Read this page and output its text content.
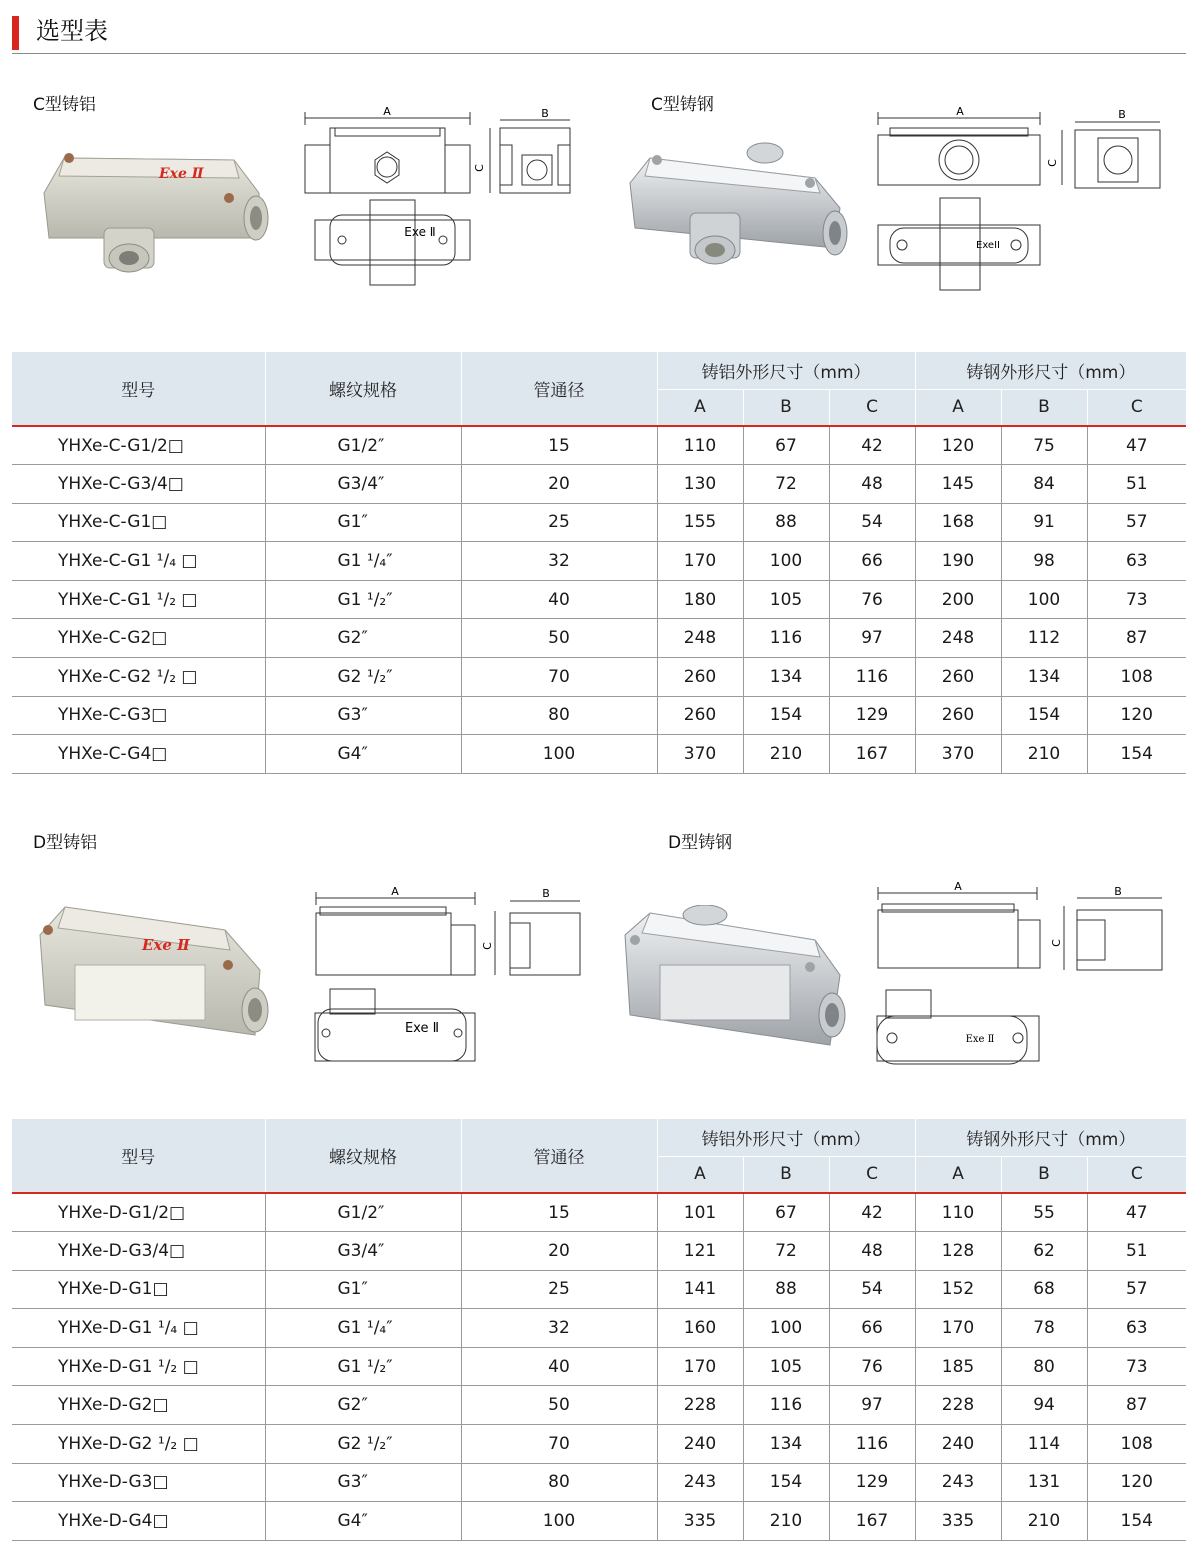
选型表
C型铸铝	C型铸钢
Exe Ⅱ
A	B
C
Exe Ⅱ
A	B
C
ExeII
型号	螺纹规格	管通径	铸铝外形尺寸（mm）			铸钢外形尺寸（mm）		
			A	B	C	A	B	C
YHXe-C-G1/2□	G1/2″	15	110	67	42	120	75	47
YHXe-C-G3/4□	G3/4″	20	130	72	48	145	84	51
YHXe-C-G1□	G1″	25	155	88	54	168	91	57
YHXe-C-G1 ¹/₄ □	G1 ¹/₄″	32	170	100	66	190	98	63
YHXe-C-G1 ¹/₂ □	G1 ¹/₂″	40	180	105	76	200	100	73
YHXe-C-G2□	G2″	50	248	116	97	248	112	87
YHXe-C-G2 ¹/₂ □	G2 ¹/₂″	70	260	134	116	260	134	108
YHXe-C-G3□	G3″	80	260	154	129	260	154	120
YHXe-C-G4□	G4″	100	370	210	167	370	210	154
D型铸铝	D型铸钢
Exe Ⅱ
A	B
C
Exe Ⅱ
A	B
C
Exe Ⅱ
型号	螺纹规格	管通径	铸铝外形尺寸（mm）			铸钢外形尺寸（mm）		
			A	B	C	A	B	C
YHXe-D-G1/2□	G1/2″	15	101	67	42	110	55	47
YHXe-D-G3/4□	G3/4″	20	121	72	48	128	62	51
YHXe-D-G1□	G1″	25	141	88	54	152	68	57
YHXe-D-G1 ¹/₄ □	G1 ¹/₄″	32	160	100	66	170	78	63
YHXe-D-G1 ¹/₂ □	G1 ¹/₂″	40	170	105	76	185	80	73
YHXe-D-G2□	G2″	50	228	116	97	228	94	87
YHXe-D-G2 ¹/₂ □	G2 ¹/₂″	70	240	134	116	240	114	108
YHXe-D-G3□	G3″	80	243	154	129	243	131	120
YHXe-D-G4□	G4″	100	335	210	167	335	210	154
